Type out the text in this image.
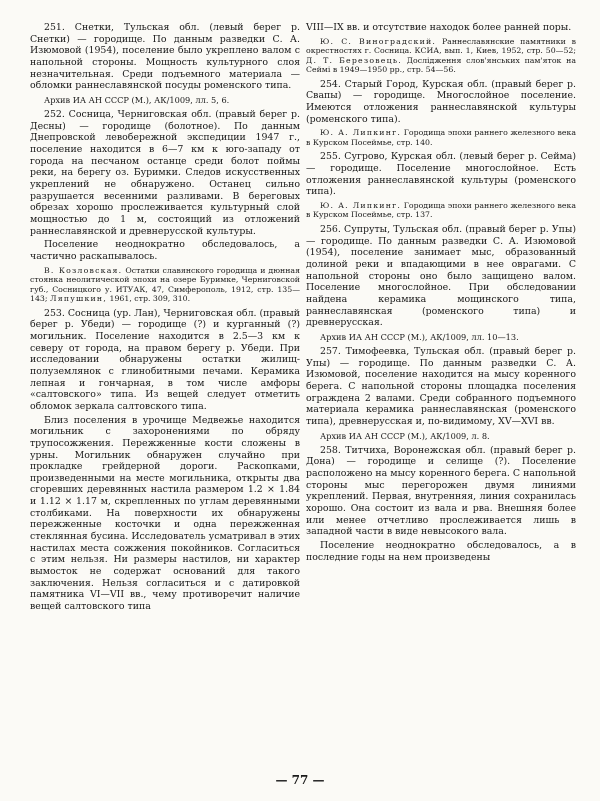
251. Снетки, Тульская обл. (левый берег р. Снетки) — городище. По данным разведки С. А. Изюмовой (1954), поселение было укреплено валом с напольной стороны. Мощность культурного слоя незначительная. Среди подъемного материала — обломки раннеславянской посуды роменского типа.

Архив ИА АН СССР (М.), АК/1009, лл. 5, 6.

252. Сосница, Черниговская обл. (правый берег р. Десны) — городище (болотное). По данным Днепровской левобережной экспедиции 1947 г., поселение находится в 6—7 км к юго-западу от города на песчаном останце среди болот поймы реки, на берегу оз. Буримки. Следов искусственных укреплений не обнаружено. Останец сильно разрушается весенними разливами. В береговых обрезах хорошо прослеживается культурный слой мощностью до 1 м, состоящий из отложений раннеславянской и древнерусской культуры.

Поселение неоднократно обследовалось, а частично раскапывалось.

В. Козловская. Остатки славянского городища и дюнная стоянка неолитической эпохи на озере Буримке, Черниговской губ., Сосницкого у. ИТУАК, 47, Симферополь, 1912, стр. 135—143; Ляпушкин, 1961, стр. 309, 310.

253. Сосница (ур. Лан), Черниговская обл. (правый берег р. Убеди) — городище (?) и курганный (?) могильник. Поселение находится в 2.5—3 км к северу от города, на правом берегу р. Убеди. При исследовании обнаружены остатки жилищ-полуземлянок с глинобитными печами. Керамика лепная и гончарная, в том числе амфоры «салтовского» типа. Из вещей следует отметить обломок зеркала салтовского типа.

Близ поселения в урочище Медвежье находится могильник с захоронениями по обряду трупосожжения. Пережженные кости сложены в урны. Могильник обнаружен случайно при прокладке грейдерной дороги. Раскопками, произведенными на месте могильника, открыты два сгоревших деревянных настила размером 1.2 × 1.84 и 1.12 × 1.17 м, скрепленных по углам деревянными столбиками. На поверхности их обнаружены пережженные косточки и одна пережженная стеклянная бусина. Исследователь усматривал в этих настилах места сожжения покойников. Согласиться с этим нельзя. Ни размеры настилов, ни характер вымосток не содержат оснований для такого заключения. Нельзя согласиться и с датировкой памятника VI—VII вв., чему противоречит наличие вещей салтовского типа

VIII—IX вв. и отсутствие находок более ранней поры.

Ю. С. Виноградский. Раннеславянские памятники в окрестностях г. Сосница. КСИА, вып. 1, Киев, 1952, стр. 50—52; Д. Т. Березовець. Дослiдження слов'янських пам'яток на Сеймi в 1949—1950 рр., стр. 54—56.

254. Старый Город, Курская обл. (правый берег р. Свапы) — городище. Многослойное поселение. Имеются отложения раннеславянской культуры (роменского типа).

Ю. А. Липкинг. Городища эпохи раннего железного века в Курском Посеймье, стр. 140.

255. Сугрово, Курская обл. (левый берег р. Сейма) — городище. Поселение многослойное. Есть отложения раннеславянской культуры (роменского типа).

Ю. А. Липкинг. Городища эпохи раннего железного века в Курском Посеймье, стр. 137.

256. Супруты, Тульская обл. (правый берег р. Упы) — городище. По данным разведки С. А. Изюмовой (1954), поселение занимает мыс, образованный долиной реки и впадающими в нее оврагами. С напольной стороны оно было защищено валом. Поселение многослойное. При обследовании найдена керамика мощинского типа, раннеславянская (роменского типа) и древнерусская.

Архив ИА АН СССР (М.), АК/1009, лл. 10—13.

257. Тимофеевка, Тульская обл. (правый берег р. Упы) — городище. По данным разведки С. А. Изюмовой, поселение находится на мысу коренного берега. С напольной стороны площадка поселения ограждена 2 валами. Среди собранного подъемного материала керамика раннеславянская (роменского типа), древнерусская и, по-видимому, XV—XVI вв.

Архив ИА АН СССР (М.), АК/1009, л. 8.

258. Титчиха, Воронежская обл. (правый берег р. Дона) — городище и селище (?). Поселение расположено на мысу коренного берега. С напольной стороны мыс перегорожен двумя линиями укреплений. Первая, внутренняя, линия сохранилась хорошо. Она состоит из вала и рва. Внешняя более или менее отчетливо прослеживается лишь в западной части в виде невысокого вала.

Поселение неоднократно обследовалось, а в последние годы на нем произведены

— 77 —
